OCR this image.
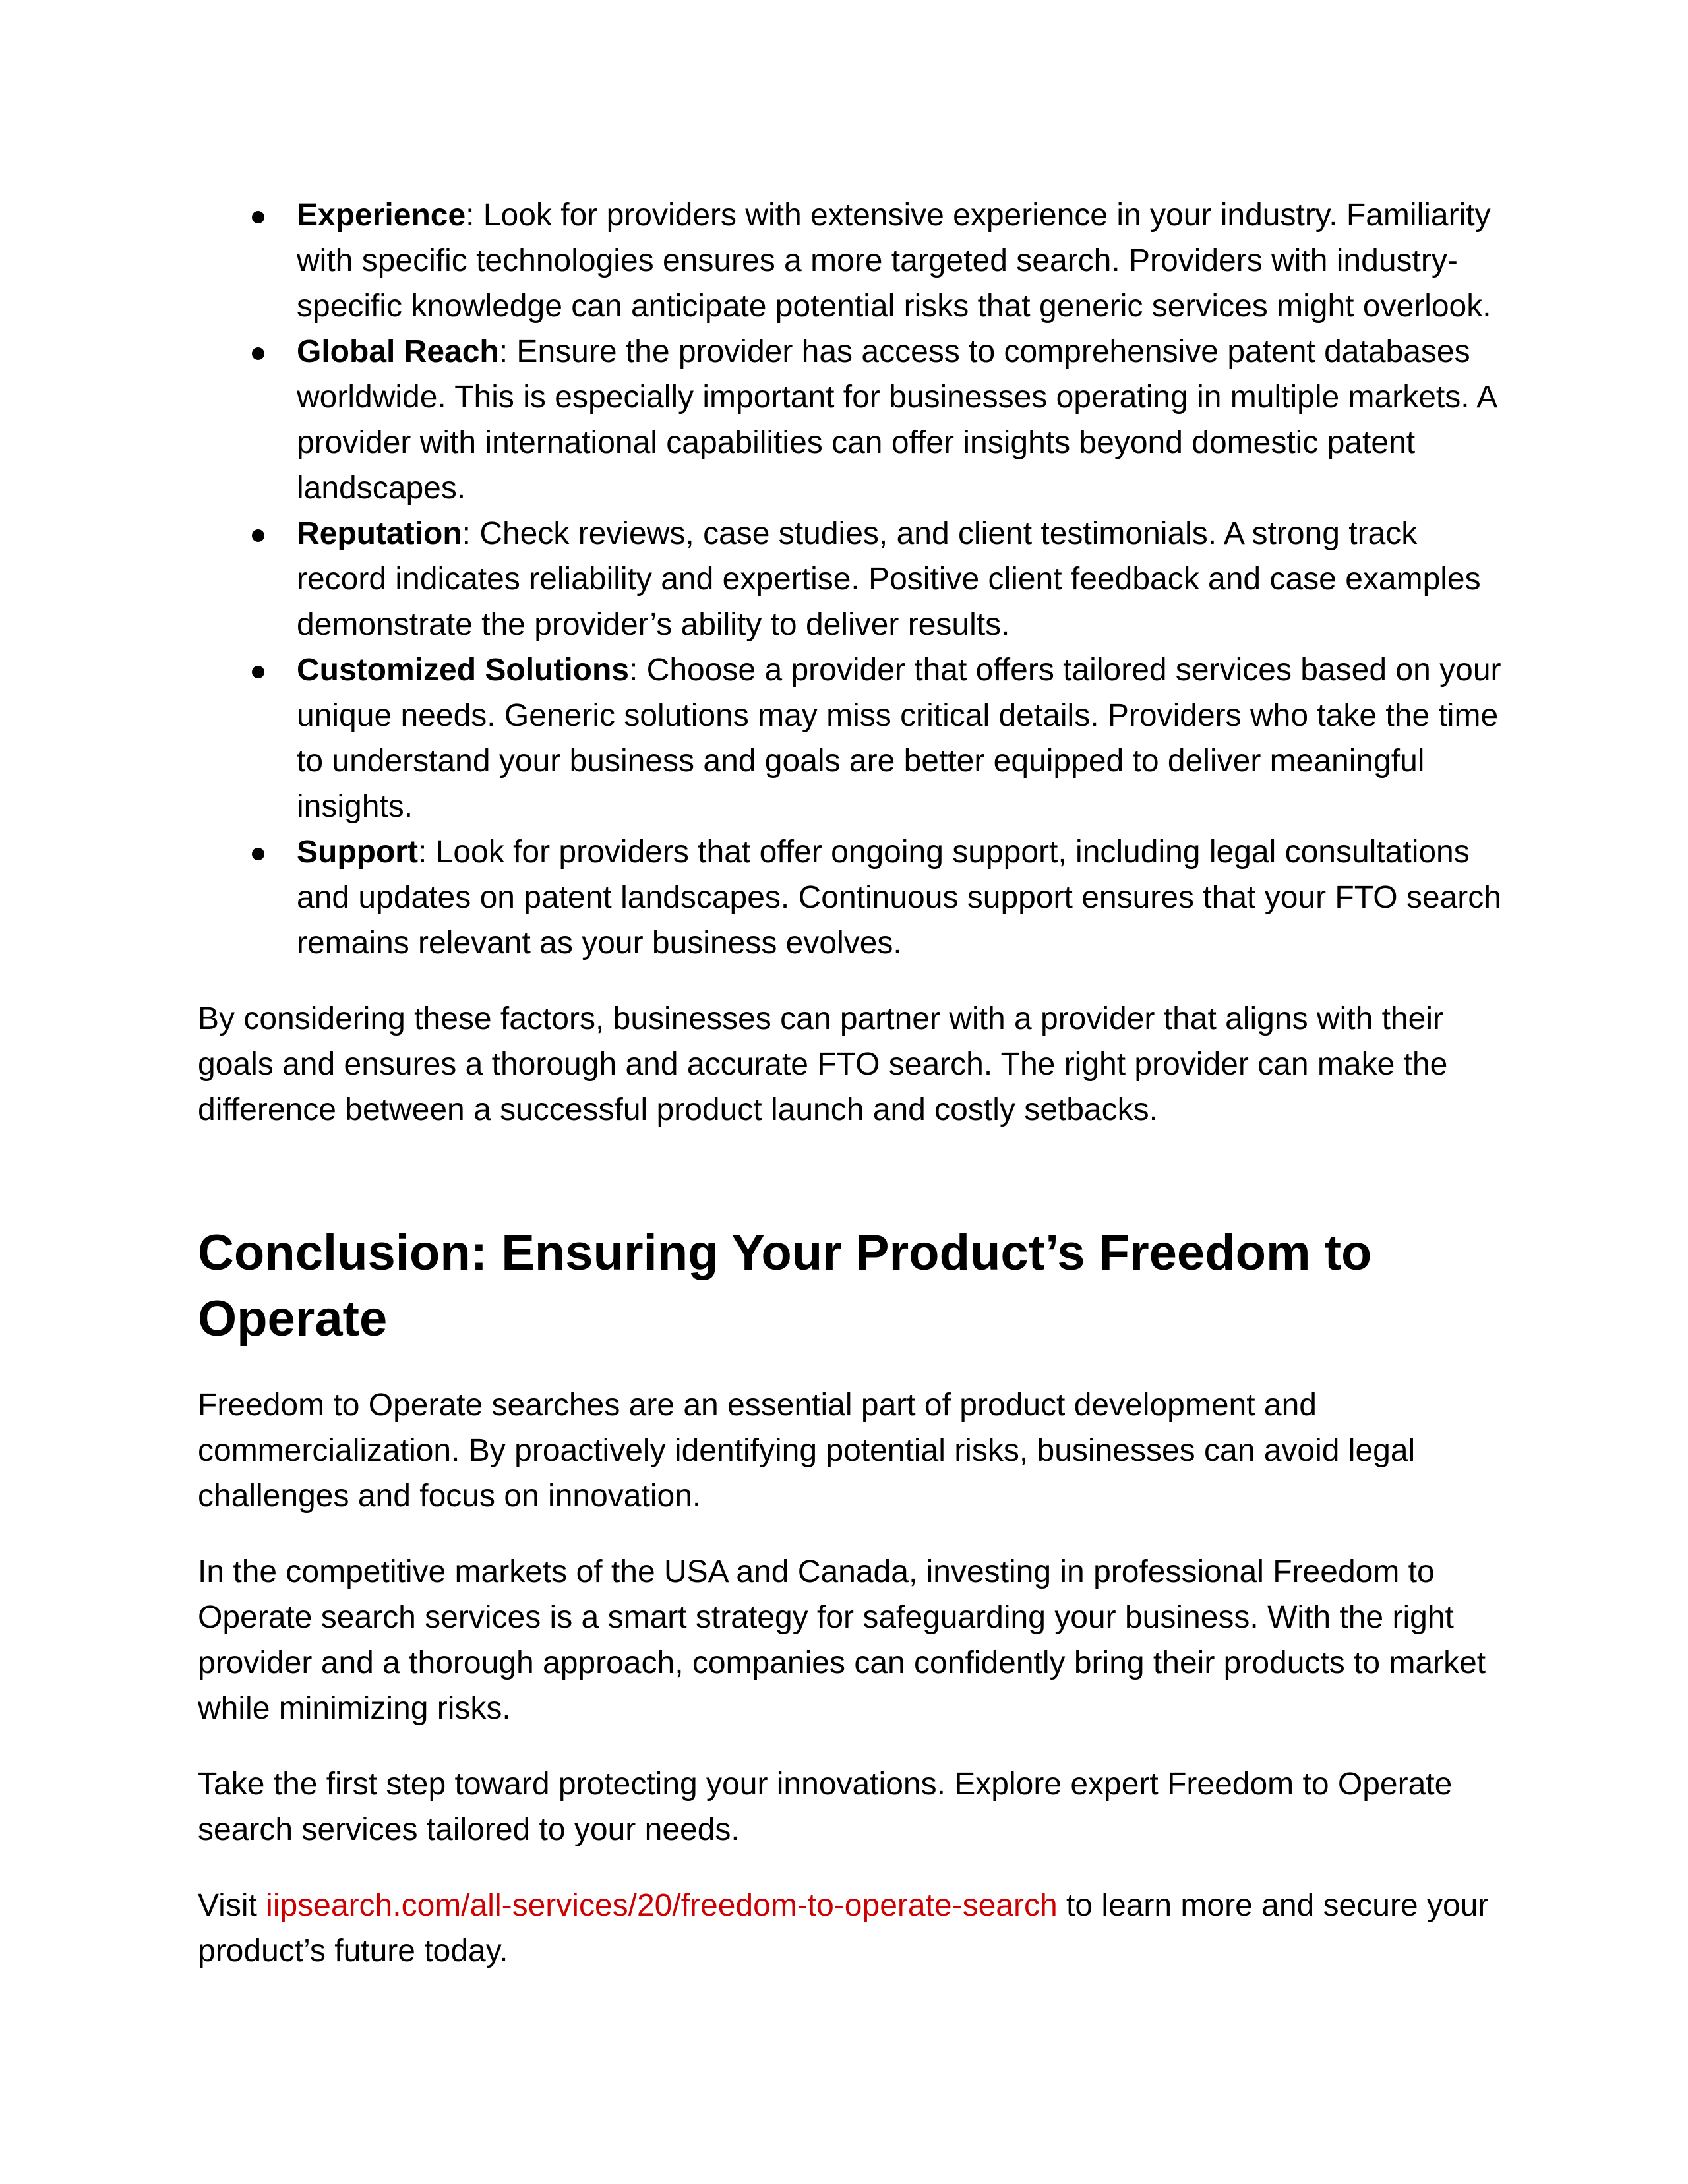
Experience: Look for providers with extensive experience in your industry. Familiarity with specific technologies ensures a more targeted search. Providers with industry-specific knowledge can anticipate potential risks that generic services might overlook.
Global Reach: Ensure the provider has access to comprehensive patent databases worldwide. This is especially important for businesses operating in multiple markets. A provider with international capabilities can offer insights beyond domestic patent landscapes.
Reputation: Check reviews, case studies, and client testimonials. A strong track record indicates reliability and expertise. Positive client feedback and case examples demonstrate the provider’s ability to deliver results.
Customized Solutions: Choose a provider that offers tailored services based on your unique needs. Generic solutions may miss critical details. Providers who take the time to understand your business and goals are better equipped to deliver meaningful insights.
Support: Look for providers that offer ongoing support, including legal consultations and updates on patent landscapes. Continuous support ensures that your FTO search remains relevant as your business evolves.

By considering these factors, businesses can partner with a provider that aligns with their goals and ensures a thorough and accurate FTO search. The right provider can make the difference between a successful product launch and costly setbacks.

Conclusion: Ensuring Your Product’s Freedom to Operate

Freedom to Operate searches are an essential part of product development and commercialization. By proactively identifying potential risks, businesses can avoid legal challenges and focus on innovation.

In the competitive markets of the USA and Canada, investing in professional Freedom to Operate search services is a smart strategy for safeguarding your business. With the right provider and a thorough approach, companies can confidently bring their products to market while minimizing risks.

Take the first step toward protecting your innovations. Explore expert Freedom to Operate search services tailored to your needs.

Visit iipsearch.com/all-services/20/freedom-to-operate-search to learn more and secure your product’s future today.
